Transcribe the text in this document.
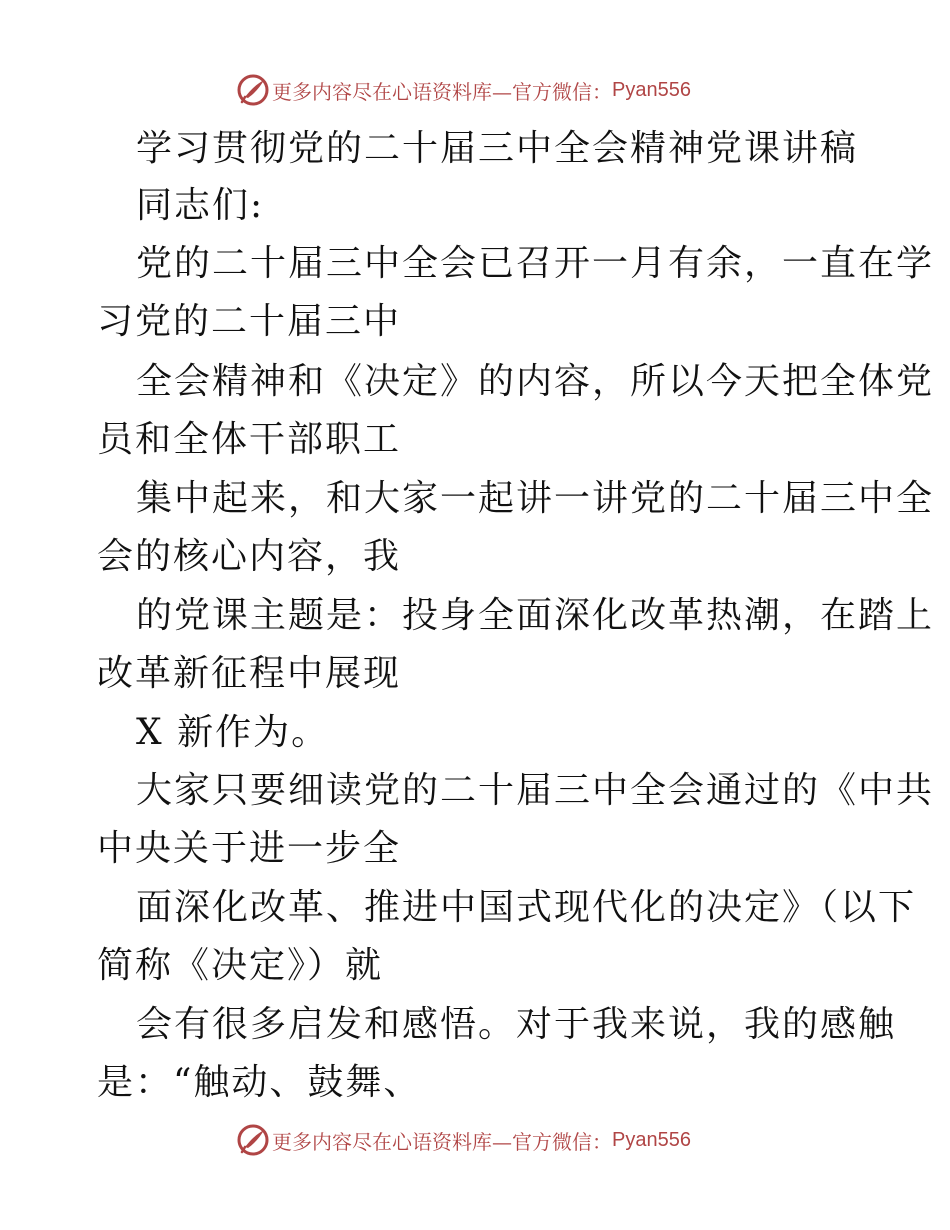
更多内容尽在心语资料库—官方微信： Pyan556
学习贯彻党的二十届三中全会精神党课讲稿
同志们:
党的二十届三中全会已召开一月有余，一直在学
习党的二十届三中
全会精神和《决定》的内容，所以今天把全体党
员和全体干部职工
集中起来，和大家一起讲一讲党的二十届三中全
会的核心内容，我
的党课主题是：投身全面深化改革热潮，在踏上
改革新征程中展现
X 新作为。
大家只要细读党的二十届三中全会通过的《中共
中央关于进一步全
面深化改革、推进中国式现代化的决定》（以下
简称《决定》）就
会有很多启发和感悟。对于我来说，我的感触
是：“触动、鼓舞、
更多内容尽在心语资料库—官方微信： Pyan556
